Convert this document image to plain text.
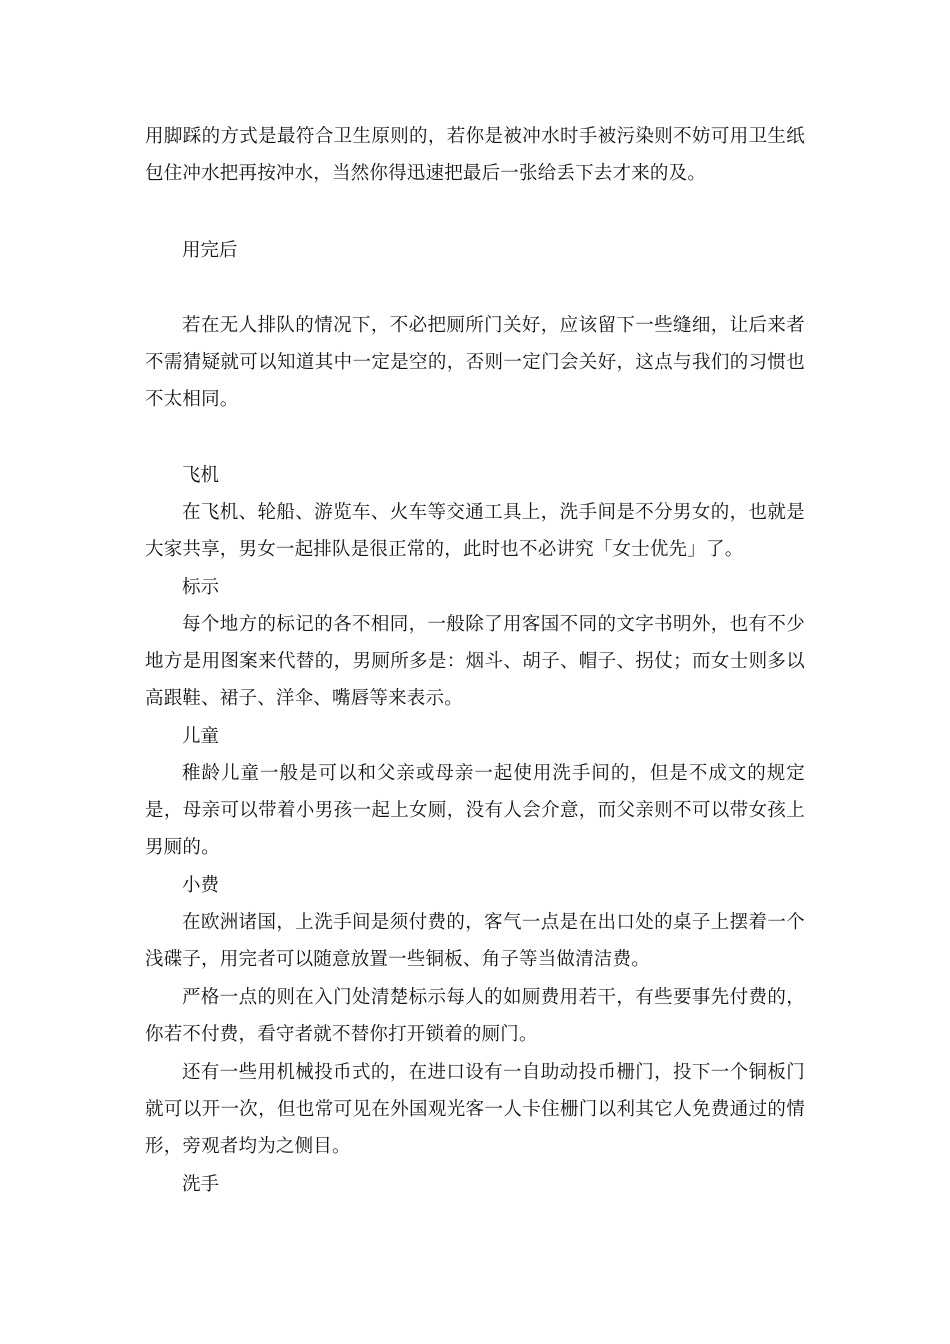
用脚踩的方式是最符合卫生原则的，若你是被冲水时手被污染则不妨可用卫生纸包住冲水把再按冲水，当然你得迅速把最后一张给丢下去才来的及。
用完后
若在无人排队的情况下，不必把厕所门关好，应该留下一些缝细，让后来者不需猜疑就可以知道其中一定是空的，否则一定门会关好，这点与我们的习惯也不太相同。
飞机
在飞机、轮船、游览车、火车等交通工具上，洗手间是不分男女的，也就是大家共享，男女一起排队是很正常的，此时也不必讲究「女士优先」了。
标示
每个地方的标记的各不相同，一般除了用客国不同的文字书明外，也有不少地方是用图案来代替的，男厕所多是：烟斗、胡子、帽子、拐仗；而女士则多以高跟鞋、裙子、洋伞、嘴唇等来表示。
儿童
稚龄儿童一般是可以和父亲或母亲一起使用洗手间的，但是不成文的规定是，母亲可以带着小男孩一起上女厕，没有人会介意，而父亲则不可以带女孩上男厕的。
小费
在欧洲诸国，上洗手间是须付费的，客气一点是在出口处的桌子上摆着一个浅碟子，用完者可以随意放置一些铜板、角子等当做清洁费。
严格一点的则在入门处清楚标示每人的如厕费用若干，有些要事先付费的，你若不付费，看守者就不替你打开锁着的厕门。
还有一些用机械投币式的，在进口设有一自助动投币栅门，投下一个铜板门就可以开一次，但也常可见在外国观光客一人卡住栅门以利其它人免费通过的情形，旁观者均为之侧目。
洗手
